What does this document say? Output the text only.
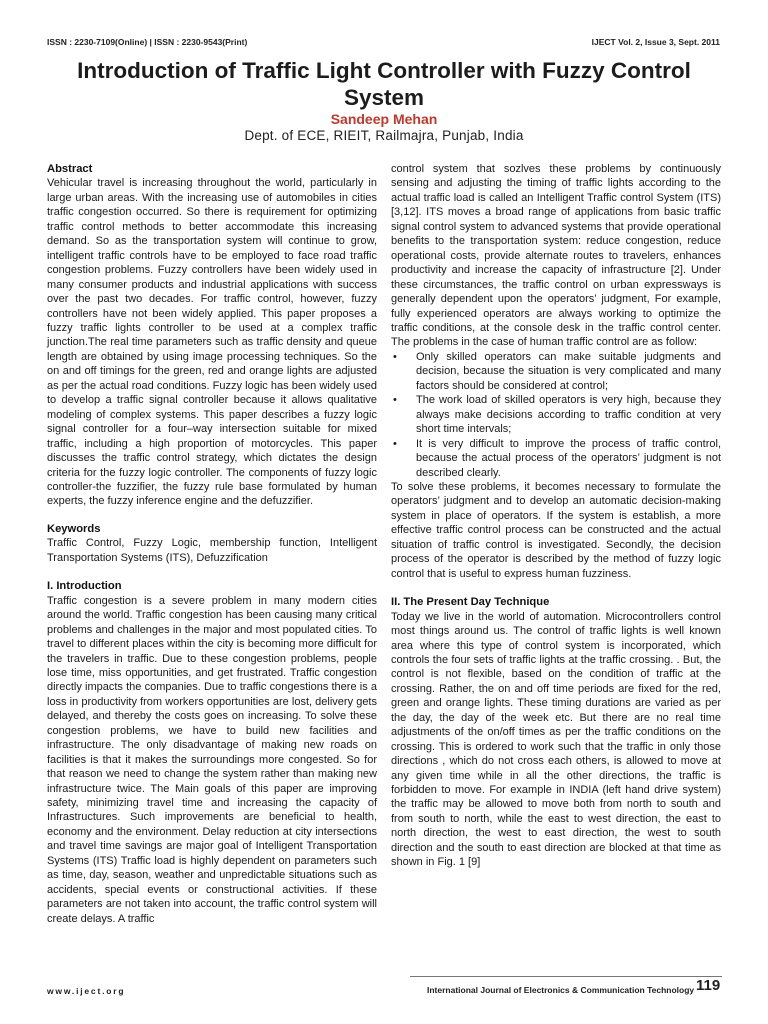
ISSN : 2230-7109(Online) | ISSN : 2230-9543(Print)	IJECT Vol. 2, Issue 3, Sept. 2011
Introduction of Traffic Light Controller with Fuzzy Control System
Sandeep Mehan
Dept. of ECE, RIEIT, Railmajra, Punjab, India

Abstract

Vehicular travel is increasing throughout the world, particularly in large urban areas. With the increasing use of automobiles in cities traffic congestion occurred. So there is requirement for optimizing traffic control methods to better accommodate this increasing demand. So as the transportation system will continue to grow, intelligent traffic controls have to be employed to face road traffic congestion problems. Fuzzy controllers have been widely used in many consumer products and industrial applications with success over the past two decades. For traffic control, however, fuzzy controllers have not been widely applied. This paper proposes a fuzzy traffic lights controller to be used at a complex traffic junction.The real time parameters such as traffic density and queue length are obtained by using image processing techniques. So the on and off timings for the green, red and orange lights are adjusted as per the actual road conditions. Fuzzy logic has been widely used to develop a traffic signal controller because it allows qualitative modeling of complex systems. This paper describes a fuzzy logic signal controller for a four–way intersection suitable for mixed traffic, including a high proportion of motorcycles. This paper discusses the traffic control strategy, which dictates the design criteria for the fuzzy logic controller. The components of fuzzy logic controller-the fuzzifier, the fuzzy rule base formulated by human experts, the fuzzy inference engine and the defuzzifier.

Keywords

Traffic Control, Fuzzy Logic, membership function, Intelligent Transportation Systems (ITS), Defuzzification

I. Introduction

Traffic congestion is a severe problem in many modern cities around the world. Traffic congestion has been causing many critical problems and challenges in the major and most populated cities. To travel to different places within the city is becoming more difficult for the travelers in traffic. Due to these congestion problems, people lose time, miss opportunities, and get frustrated. Traffic congestion directly impacts the companies. Due to traffic congestions there is a loss in productivity from workers opportunities are lost, delivery gets delayed, and thereby the costs goes on increasing. To solve these congestion problems, we have to build new facilities and infrastructure. The only disadvantage of making new roads on facilities is that it makes the surroundings more congested. So for that reason we need to change the system rather than making new infrastructure twice. The Main goals of this paper are improving safety, minimizing travel time and increasing the capacity of Infrastructures. Such improvements are beneficial to health, economy and the environment. Delay reduction at city intersections and travel time savings are major goal of Intelligent Transportation Systems (ITS) Traffic load is highly dependent on parameters such as time, day, season, weather and unpredictable situations such as accidents, special events or constructional activities. If these parameters are not taken into account, the traffic control system will create delays. A traffic

control system that sozlves these problems by continuously sensing and adjusting the timing of traffic lights according to the actual traffic load is called an Intelligent Traffic control System (ITS) [3,12]. ITS moves a broad range of applications from basic traffic signal control system to advanced systems that provide operational benefits to the transportation system: reduce congestion, reduce operational costs, provide alternate routes to travelers, enhances productivity and increase the capacity of infrastructure [2]. Under these circumstances, the traffic control on urban expressways is generally dependent upon the operators’ judgment, For example, fully experienced operators are always working to optimize the traffic conditions, at the console desk in the traffic control center. The problems in the case of human traffic control are as follow:

• Only skilled operators can make suitable judgments and decision, because the situation is very complicated and many factors should be considered at control;
• The work load of skilled operators is very high, because they always make decisions according to traffic condition at very short time intervals;
• It is very difficult to improve the process of traffic control, because the actual process of the operators’ judgment is not described clearly.

To solve these problems, it becomes necessary to formulate the operators’ judgment and to develop an automatic decision-making system in place of operators. If the system is establish, a more effective traffic control process can be constructed and the actual situation of traffic control is investigated. Secondly, the decision process of the operator is described by the method of fuzzy logic control that is useful to express human fuzziness.

II. The Present Day Technique

Today we live in the world of automation. Microcontrollers control most things around us. The control of traffic lights is well known area where this type of control system is incorporated, which controls the four sets of traffic lights at the traffic crossing. . But, the control is not flexible, based on the condition of traffic at the crossing. Rather, the on and off time periods are fixed for the red, green and orange lights. These timing durations are varied as per the day, the day of the week etc. But there are no real time adjustments of the on/off times as per the traffic conditions on the crossing. This is ordered to work such that the traffic in only those directions , which do not cross each others, is allowed to move at any given time while in all the other directions, the traffic is forbidden to move. For example in INDIA (left hand drive system) the traffic may be allowed to move both from north to south and from south to north, while the east to west direction, the east to north direction, the west to east direction, the west to south direction and the south to east direction are blocked at that time as shown in Fig. 1 [9]

www.iject.org	International Journal of Electronics & Communication Technology 119
